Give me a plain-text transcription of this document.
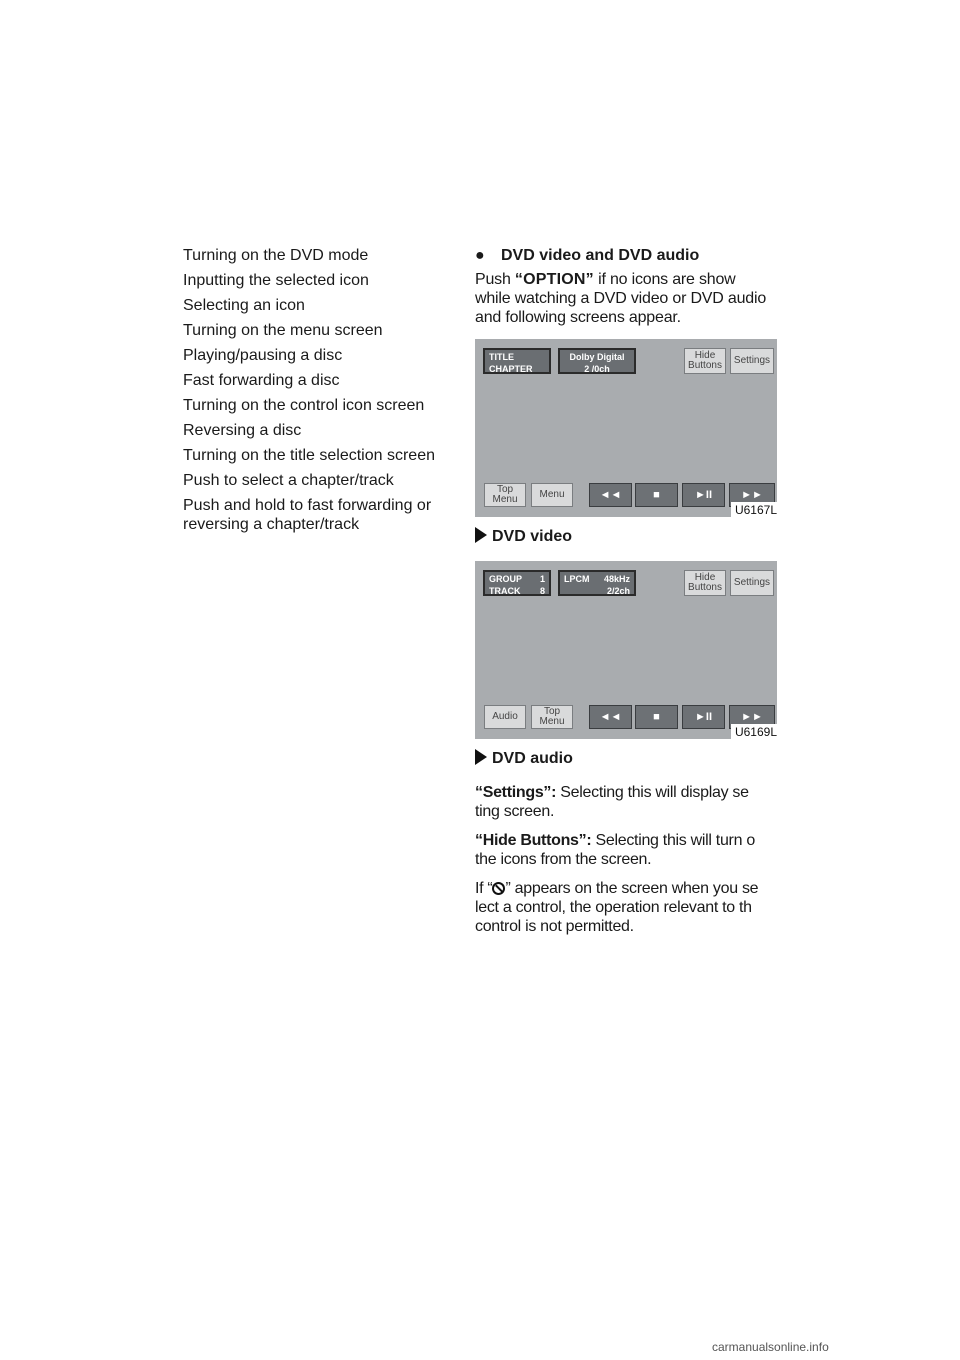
Turning on the DVD mode
Inputting the selected icon
Selecting an icon
Turning on the menu screen
Playing/pausing a disc
Fast forwarding a disc
Turning on the control icon screen
Reversing a disc
Turning on the title selection screen
Push to select a chapter/track
Push and hold to fast forwarding or reversing a chapter/track
● DVD video and DVD audio
Push “OPTION” if no icons are show
while watching a DVD video or DVD audio
and following screens appear.
TITLE
CHAPTER
Dolby Digital
2 /0ch
Hide Buttons	Settings
Top Menu	Menu	◄◄	■	►II	►►
U6167L
DVD video
GROUP 1
TRACK 8
LPCM 48kHz
2/2ch
Hide Buttons	Settings
Audio	Top Menu	◄◄	■	►II	►►
U6169L
DVD audio
“Settings”: Selecting this will display se
ting screen.
“Hide Buttons”: Selecting this will turn o
the icons from the screen.
If “ ” appears on the screen when you se
lect a control, the operation relevant to th
control is not permitted.
carmanualsonline.info
